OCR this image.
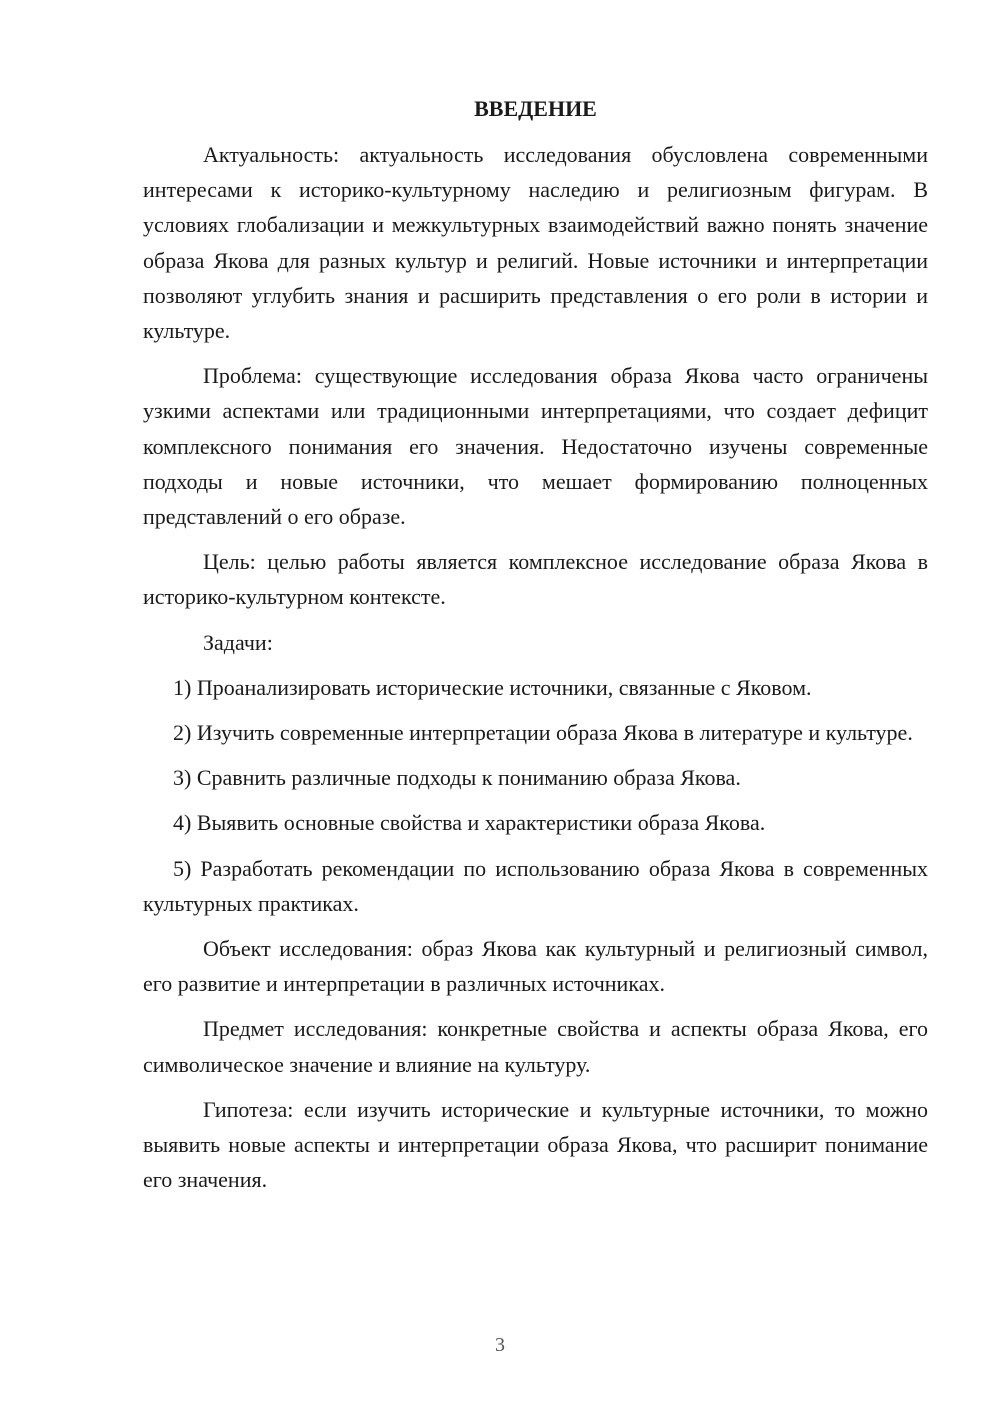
ВВЕДЕНИЕ

Актуальность: актуальность исследования обусловлена современными интересами к историко-культурному наследию и религиозным фигурам. В условиях глобализации и межкультурных взаимодействий важно понять значение образа Якова для разных культур и религий. Новые источники и интерпретации позволяют углубить знания и расширить представления о его роли в истории и культуре.

Проблема: существующие исследования образа Якова часто ограничены узкими аспектами или традиционными интерпретациями, что создает дефицит комплексного понимания его значения. Недостаточно изучены современные подходы и новые источники, что мешает формированию полноценных представлений о его образе.

Цель: целью работы является комплексное исследование образа Якова в историко-культурном контексте.

Задачи:

1) Проанализировать исторические источники, связанные с Яковом.

2) Изучить современные интерпретации образа Якова в литературе и культуре.

3) Сравнить различные подходы к пониманию образа Якова.

4) Выявить основные свойства и характеристики образа Якова.

5) Разработать рекомендации по использованию образа Якова в современных культурных практиках.

Объект исследования: образ Якова как культурный и религиозный символ, его развитие и интерпретации в различных источниках.

Предмет исследования: конкретные свойства и аспекты образа Якова, его символическое значение и влияние на культуру.

Гипотеза: если изучить исторические и культурные источники, то можно выявить новые аспекты и интерпретации образа Якова, что расширит понимание его значения.

3
